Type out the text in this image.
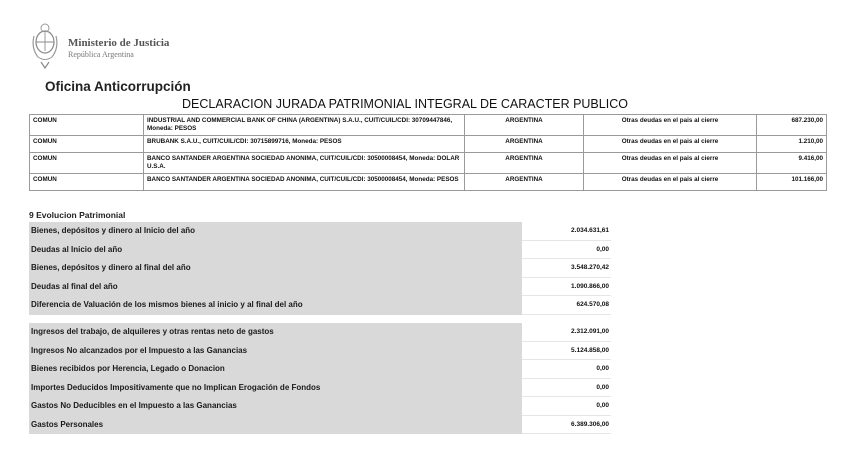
Ministerio de Justicia
República Argentina
Oficina Anticorrupción
DECLARACION JURADA PATRIMONIAL INTEGRAL DE CARACTER PUBLICO
COMUN	INDUSTRIAL AND COMMERCIAL BANK OF CHINA (ARGENTINA) S.A.U., CUIT/CUIL/CDI: 30709447846, Moneda: PESOS	ARGENTINA	Otras deudas en el pais al cierre	687.230,00
COMUN	BRUBANK S.A.U., CUIT/CUIL/CDI: 30715899716, Moneda: PESOS	ARGENTINA	Otras deudas en el pais al cierre	1.210,00
COMUN	BANCO SANTANDER ARGENTINA SOCIEDAD ANONIMA, CUIT/CUIL/CDI: 30500008454, Moneda: DOLAR U.S.A.	ARGENTINA	Otras deudas en el pais al cierre	9.416,00
COMUN	BANCO SANTANDER ARGENTINA SOCIEDAD ANONIMA, CUIT/CUIL/CDI: 30500008454, Moneda: PESOS	ARGENTINA	Otras deudas en el pais al cierre	101.166,00
9 Evolucion Patrimonial
Bienes, depósitos y dinero al Inicio del año	2.034.631,61
Deudas al Inicio del año	0,00
Bienes, depósitos y dinero al final del año	3.548.270,42
Deudas al final del año	1.090.866,00
Diferencia de Valuación de los mismos bienes al inicio y al final del año	624.570,08
Ingresos del trabajo, de alquileres y otras rentas neto de gastos	2.312.091,00
Ingresos No alcanzados por el Impuesto a las Ganancias	5.124.858,00
Bienes recibidos por Herencia, Legado o Donacion	0,00
Importes Deducidos Impositivamente que no Implican Erogación de Fondos	0,00
Gastos No Deducibles en el Impuesto a las Ganancias	0,00
Gastos Personales	6.389.306,00
